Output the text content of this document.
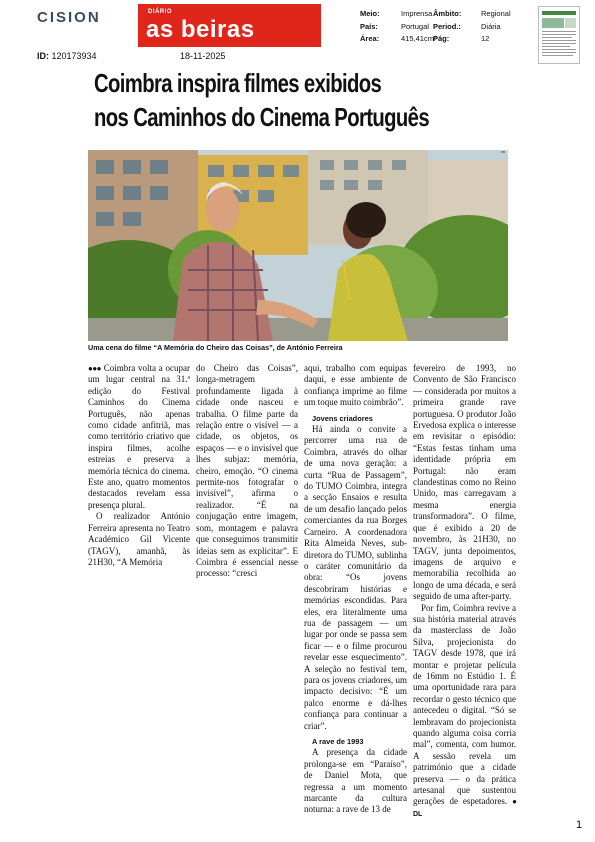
CISION	DIÁRIO
as beiras
ID: 120173934	18-11-2025
Meio:	Imprensa
País:	Portugal
Área:	415,41cm²
Âmbito:	Regional
Period.:	Diária
Pág:	12
Coimbra inspira filmes exibidos
nos Caminhos do Cinema Português
DB
Uma cena do filme “A Memória do Cheiro das Coisas”, de António Ferreira

●●● Coimbra volta a ocupar um lugar central na 31.ª edição do Festival Caminhos do Cinema Português, não apenas como cidade anfitriã, mas como território criativo que inspira filmes, acolhe estreias e preserva a memória técnica do cinema. Este ano, quatro momentos destacados revelam essa presença plural.

O realizador António Ferreira apresenta no Teatro Académico Gil Vicente (TAGV), amanhã, às 21H30, “A Memória

do Cheiro das Coisas”, longa-metragem profundamente ligada à cidade onde nasceu e trabalha. O filme parte da relação entre o visível — a cidade, os objetos, os espaços — e o invisível que lhes subjaz: memória, cheiro, emoção. “O cinema permite-nos fotografar o invisível”, afirma o realizador. “É na conjugação entre imagem, som, montagem e palavra que conseguimos transmitir ideias sem as explicitar”. E Coimbra é essencial nesse processo: “cresci

aqui, trabalho com equipas daqui, e esse ambiente de confiança imprime ao filme um toque muito coimbrão”.

Jovens criadores

Há ainda o convite a percorrer uma rua de Coimbra, através do olhar de uma nova geração: a curta “Rua de Passagem”, do TUMO Coimbra, integra a secção Ensaios e resulta de um desafio lançado pelos comerciantes da rua Borges Carneiro. A coordenadora Rita Almeida Neves, sub-diretora do TUMO, sublinha o caráter comunitário da obra: “Os jovens descobriram histórias e memórias escondidas. Para eles, era literalmente uma rua de passagem — um lugar por onde se passa sem ficar — e o filme procurou revelar esse esquecimento”. A seleção no festival tem, para os jovens criadores, um impacto decisivo: “É um palco enorme e dá-lhes confiança para continuar a criar”.

A rave de 1993

A presença da cidade prolonga-se em “Paraíso”, de Daniel Mota, que regressa a um momento marcante da cultura noturna: a rave de 13 de

fevereiro de 1993, no Convento de São Francisco — considerada por muitos a primeira grande rave portuguesa. O produtor João Ervedosa explica o interesse em revisitar o episódio: “Estas festas tinham uma identidade própria em Portugal: não eram clandestinas como no Reino Unido, mas carregavam a mesma energia transformadora”. O filme, que é exibido a 20 de novembro, às 21H30, no TAGV, junta depoimentos, imagens de arquivo e memorabilia recolhida ao longo de uma década, e será seguido de uma after-party.

Por fim, Coimbra revive a sua história material através da masterclass de João Silva, projecionista do TAGV desde 1978, que irá montar e projetar película de 16mm no Estúdio 1. É uma oportunidade rara para recordar o gesto técnico que antecedeu o digital. “Só se lembravam do projecionista quando alguma coisa corria mal”, comenta, com humor. A sessão revela um património que a cidade preserva — o da prática artesanal que sustentou gerações de espetadores. ● DL

1
